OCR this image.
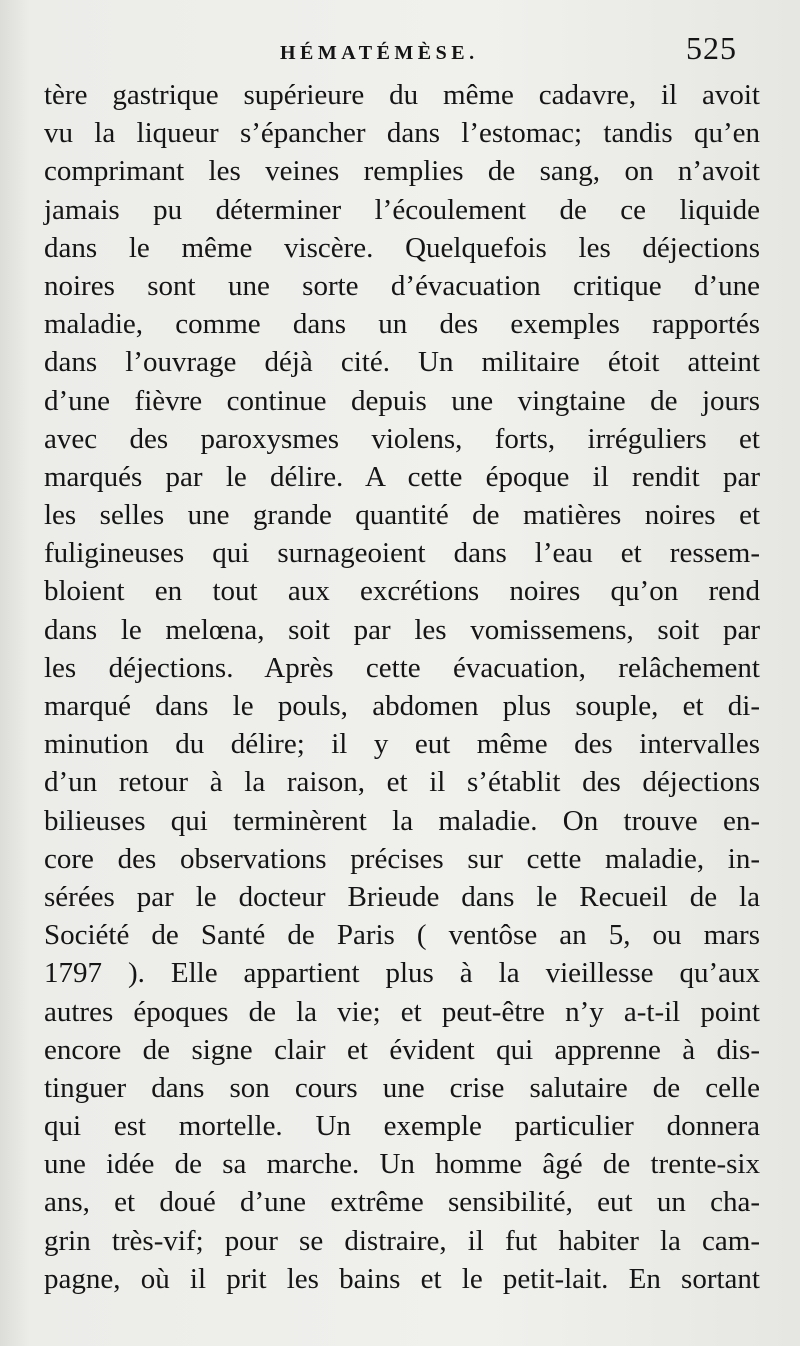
HÉMATÉMÈSE.	525
tère gastrique supérieure du même cadavre, il avoit
vu la liqueur s’épancher dans l’estomac; tandis qu’en
comprimant les veines remplies de sang, on n’avoit
jamais pu déterminer l’écoulement de ce liquide
dans le même viscère. Quelquefois les déjections
noires sont une sorte d’évacuation critique d’une
maladie, comme dans un des exemples rapportés
dans l’ouvrage déjà cité. Un militaire étoit atteint
d’une fièvre continue depuis une vingtaine de jours
avec des paroxysmes violens, forts, irréguliers et
marqués par le délire. A cette époque il rendit par
les selles une grande quantité de matières noires et
fuligineuses qui surnageoient dans l’eau et ressem-
bloient en tout aux excrétions noires qu’on rend
dans le melœna, soit par les vomissemens, soit par
les déjections. Après cette évacuation, relâchement
marqué dans le pouls, abdomen plus souple, et di-
minution du délire; il y eut même des intervalles
d’un retour à la raison, et il s’établit des déjections
bilieuses qui terminèrent la maladie. On trouve en-
core des observations précises sur cette maladie, in-
sérées par le docteur Brieude dans le Recueil de la
Société de Santé de Paris ( ventôse an 5, ou mars
1797 ). Elle appartient plus à la vieillesse qu’aux
autres époques de la vie; et peut-être n’y a-t-il point
encore de signe clair et évident qui apprenne à dis-
tinguer dans son cours une crise salutaire de celle
qui est mortelle. Un exemple particulier donnera
une idée de sa marche. Un homme âgé de trente-six
ans, et doué d’une extrême sensibilité, eut un cha-
grin très-vif; pour se distraire, il fut habiter la cam-
pagne, où il prit les bains et le petit-lait. En sortant
